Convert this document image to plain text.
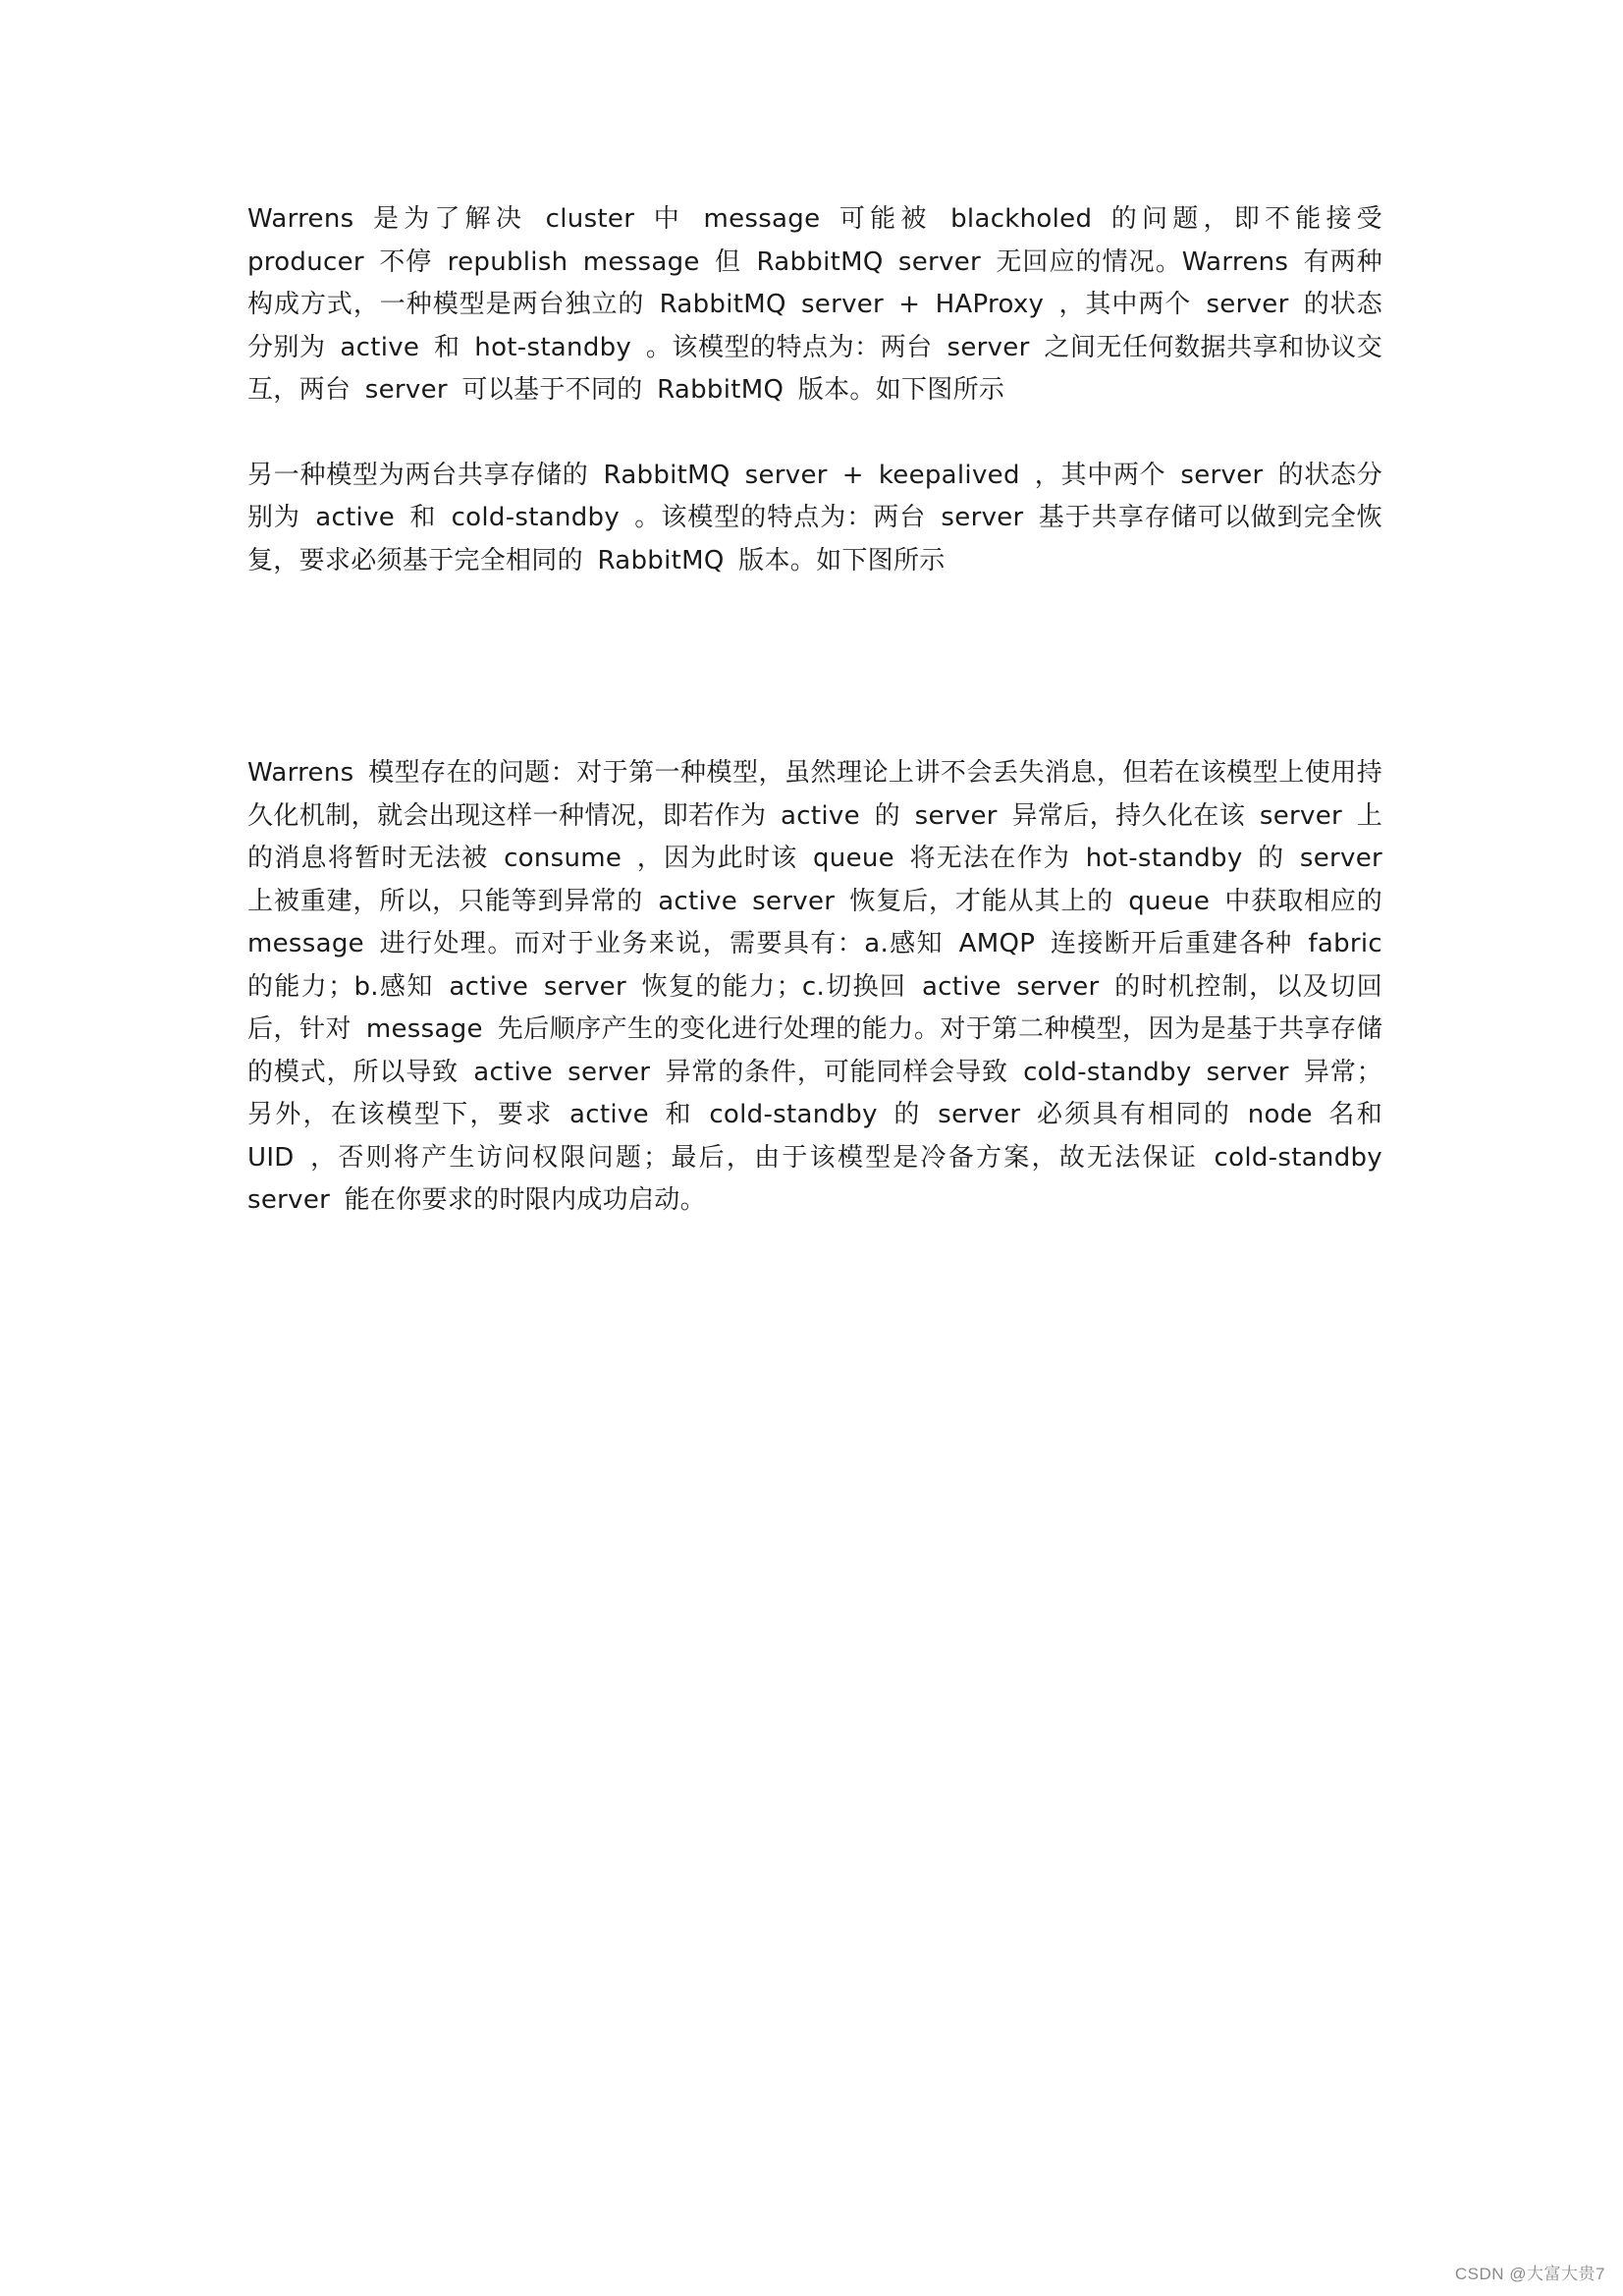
Warrens 是为了解决 cluster 中 message 可能被 blackholed 的问题，即不能接受 producer 不停 republish message 但 RabbitMQ server 无回应的情况。Warrens 有两种构成方式，一种模型是两台独立的 RabbitMQ server + HAProxy ，其中两个 server 的状态分别为 active 和 hot-standby 。该模型的特点为：两台 server 之间无任何数据共享和协议交互，两台 server 可以基于不同的 RabbitMQ 版本。如下图所示

另一种模型为两台共享存储的 RabbitMQ server + keepalived ，其中两个 server 的状态分别为 active 和 cold-standby 。该模型的特点为：两台 server 基于共享存储可以做到完全恢复，要求必须基于完全相同的 RabbitMQ 版本。如下图所示

Warrens 模型存在的问题：对于第一种模型，虽然理论上讲不会丢失消息，但若在该模型上使用持久化机制，就会出现这样一种情况，即若作为 active 的 server 异常后，持久化在该 server 上的消息将暂时无法被 consume ，因为此时该 queue 将无法在作为 hot-standby 的 server 上被重建，所以，只能等到异常的 active server 恢复后，才能从其上的 queue 中获取相应的 message 进行处理。而对于业务来说，需要具有：a.感知 AMQP 连接断开后重建各种 fabric 的能力；b.感知 active server 恢复的能力；c.切换回 active server 的时机控制，以及切回后，针对 message 先后顺序产生的变化进行处理的能力。对于第二种模型，因为是基于共享存储的模式，所以导致 active server 异常的条件，可能同样会导致 cold-standby server 异常；另外，在该模型下，要求 active 和 cold-standby 的 server 必须具有相同的 node 名和 UID ，否则将产生访问权限问题；最后，由于该模型是冷备方案，故无法保证 cold-standby server 能在你要求的时限内成功启动。

CSDN @大富大贵7
